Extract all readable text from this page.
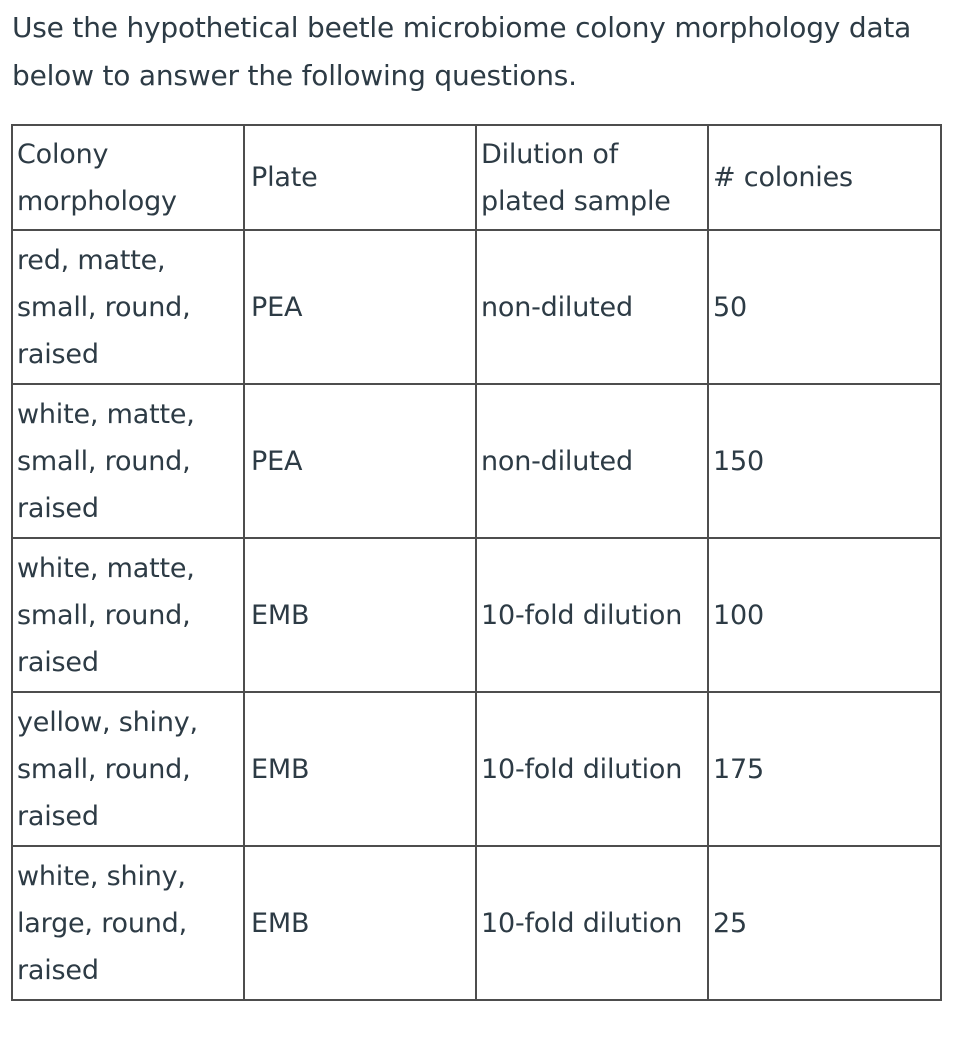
Use the hypothetical beetle microbiome colony morphology data below to answer the following questions.

Colony morphology	Plate	Dilution of plated sample	# colonies
red, matte, small, round, raised	PEA	non-diluted	50
white, matte, small, round, raised	PEA	non-diluted	150
white, matte, small, round, raised	EMB	10-fold dilution	100
yellow, shiny, small, round, raised	EMB	10-fold dilution	175
white, shiny, large, round, raised	EMB	10-fold dilution	25
